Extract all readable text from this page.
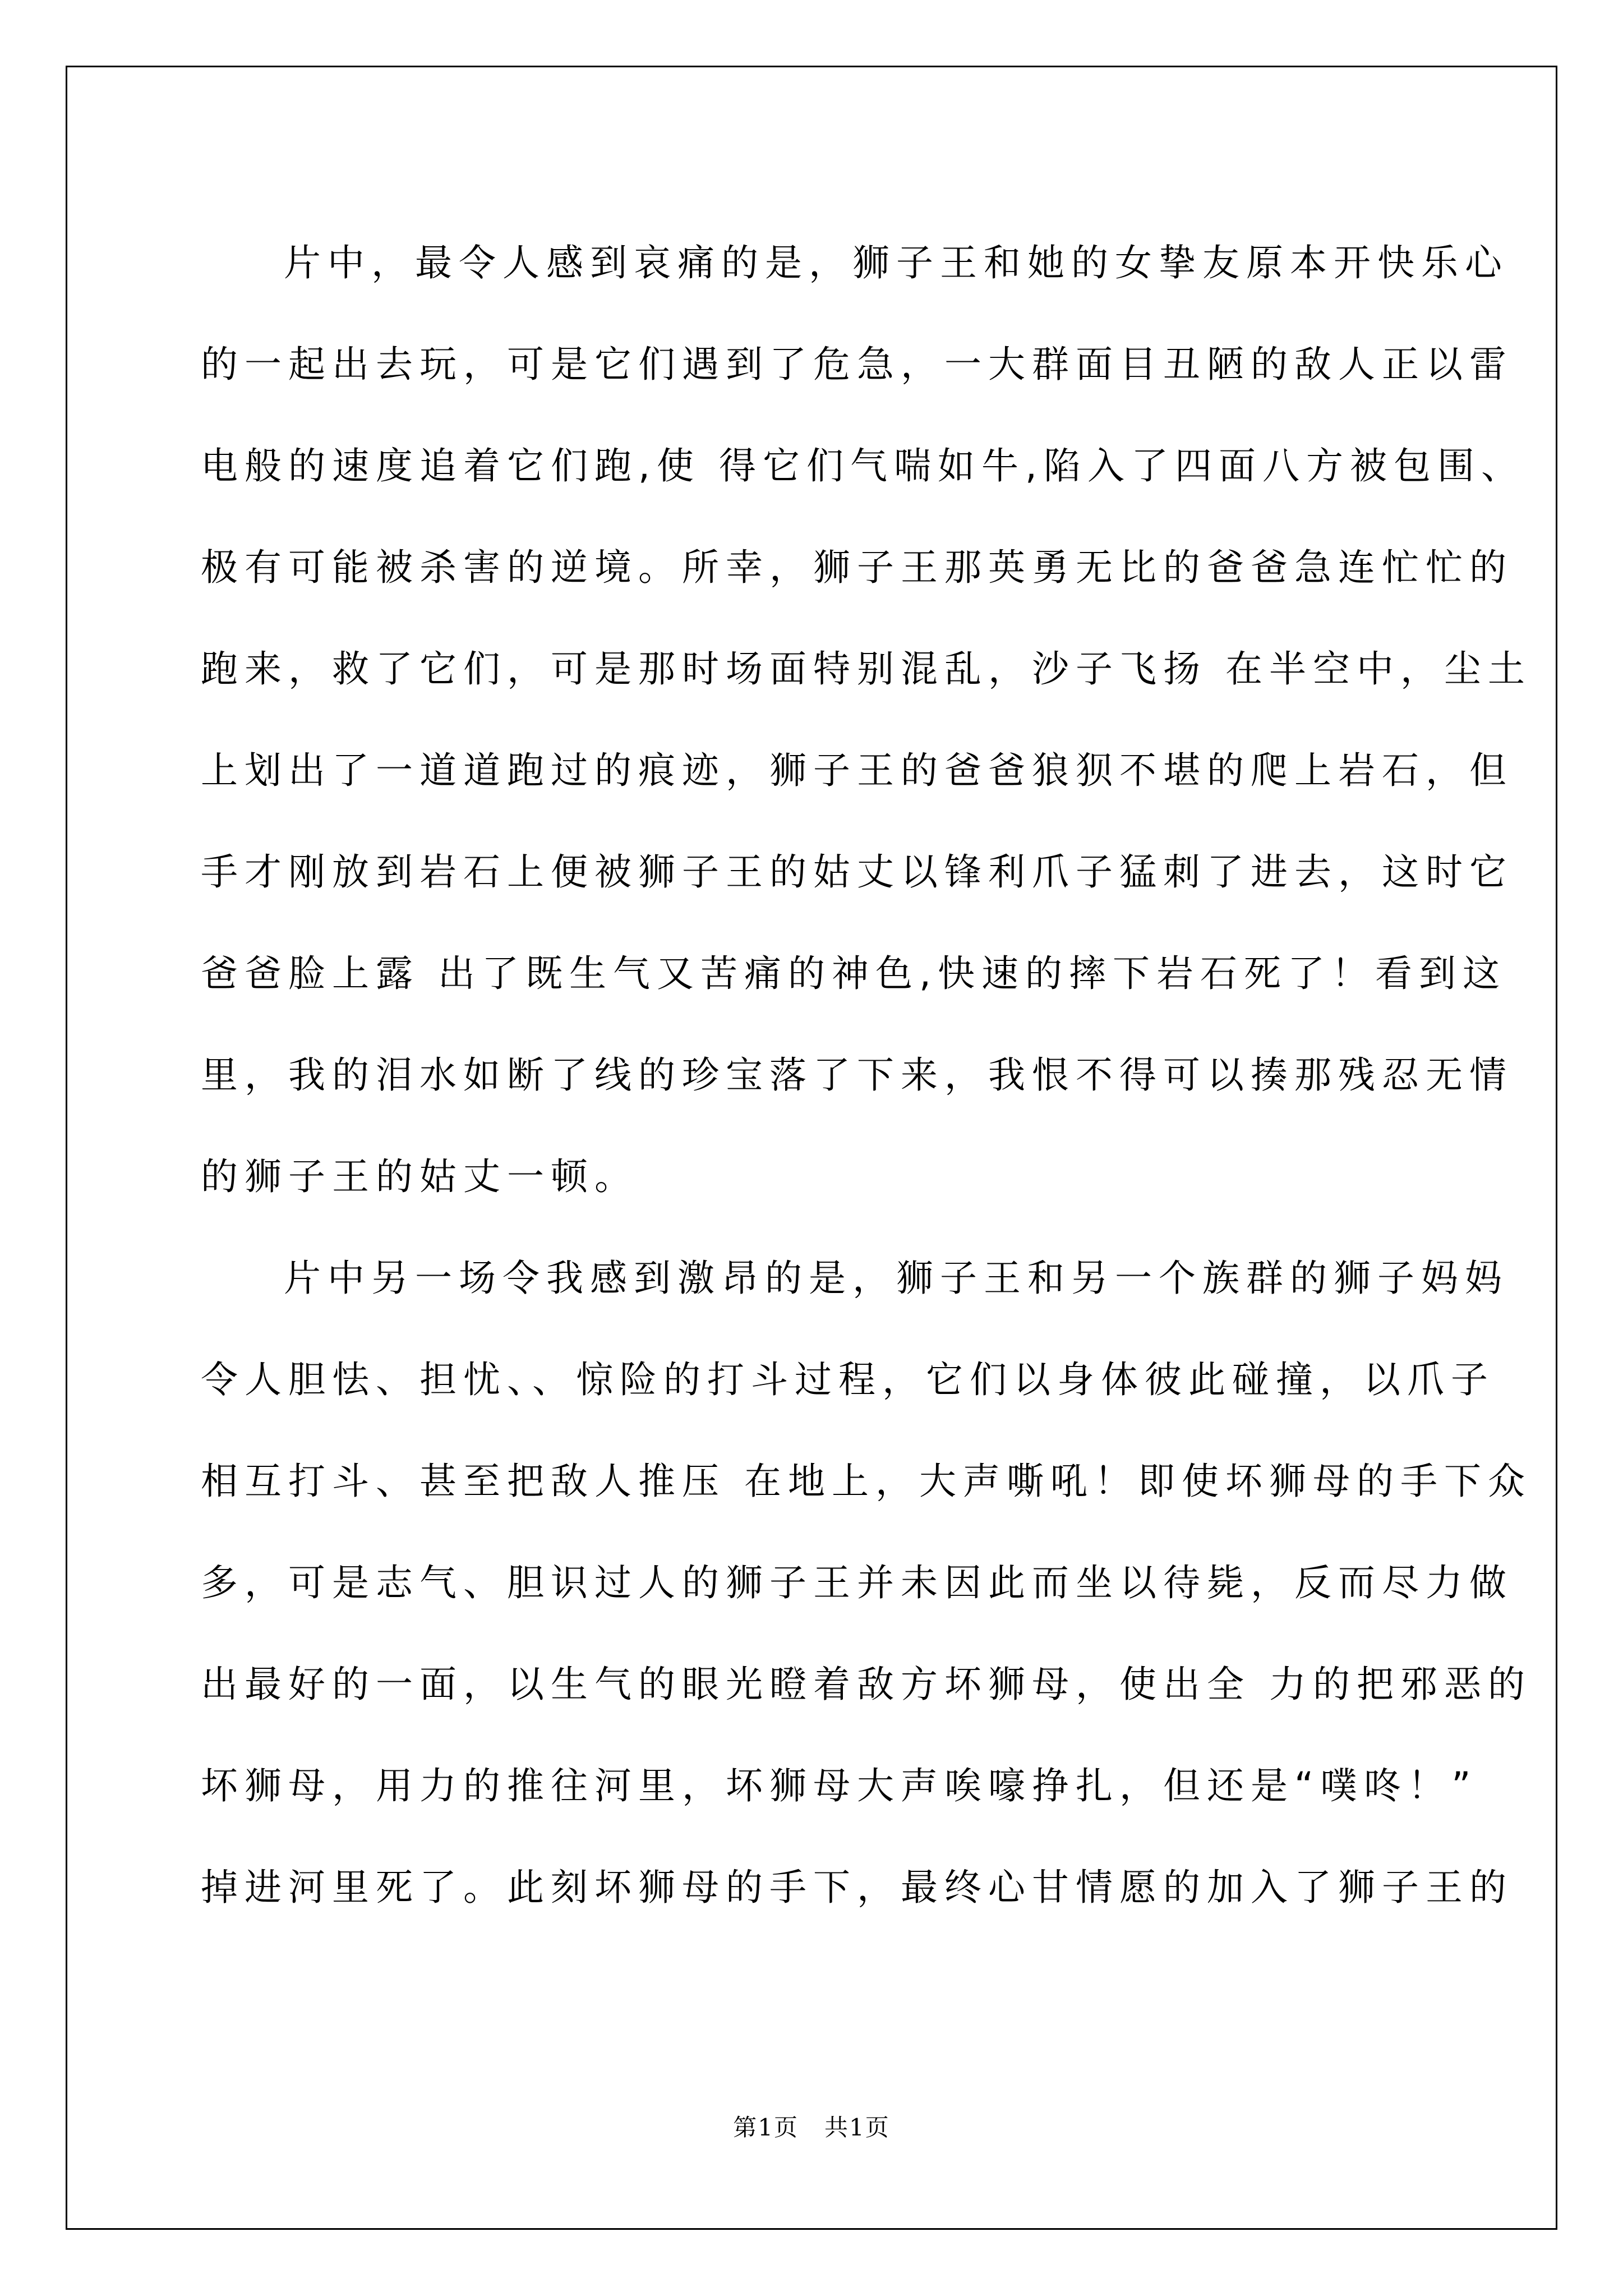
片中，最令人感到哀痛的是，狮子王和她的女挚友原本开快乐心
的一起出去玩，可是它们遇到了危急，一大群面目丑陋的敌人正以雷
电般的速度追着它们跑,使 得它们气喘如牛,陷入了四面八方被包围、
极有可能被杀害的逆境。所幸，狮子王那英勇无比的爸爸急连忙忙的
跑来，救了它们，可是那时场面特别混乱，沙子飞扬 在半空中，尘土
上划出了一道道跑过的痕迹，狮子王的爸爸狼狈不堪的爬上岩石，但
手才刚放到岩石上便被狮子王的姑丈以锋利爪子猛刺了进去，这时它
爸爸脸上露 出了既生气又苦痛的神色,快速的摔下岩石死了！看到这
里，我的泪水如断了线的珍宝落了下来，我恨不得可以揍那残忍无情
的狮子王的姑丈一顿。
片中另一场令我感到激昂的是，狮子王和另一个族群的狮子妈妈
令人胆怯、担忧、、惊险的打斗过程，它们以身体彼此碰撞，以爪子
相互打斗、甚至把敌人推压 在地上，大声嘶吼！即使坏狮母的手下众
多，可是志气、胆识过人的狮子王并未因此而坐以待毙，反而尽力做
出最好的一面，以生气的眼光瞪着敌方坏狮母，使出全 力的把邪恶的
坏狮母，用力的推往河里，坏狮母大声唉嚎挣扎，但还是“噗咚！”
掉进河里死了。此刻坏狮母的手下，最终心甘情愿的加入了狮子王的
第1页   共1页
